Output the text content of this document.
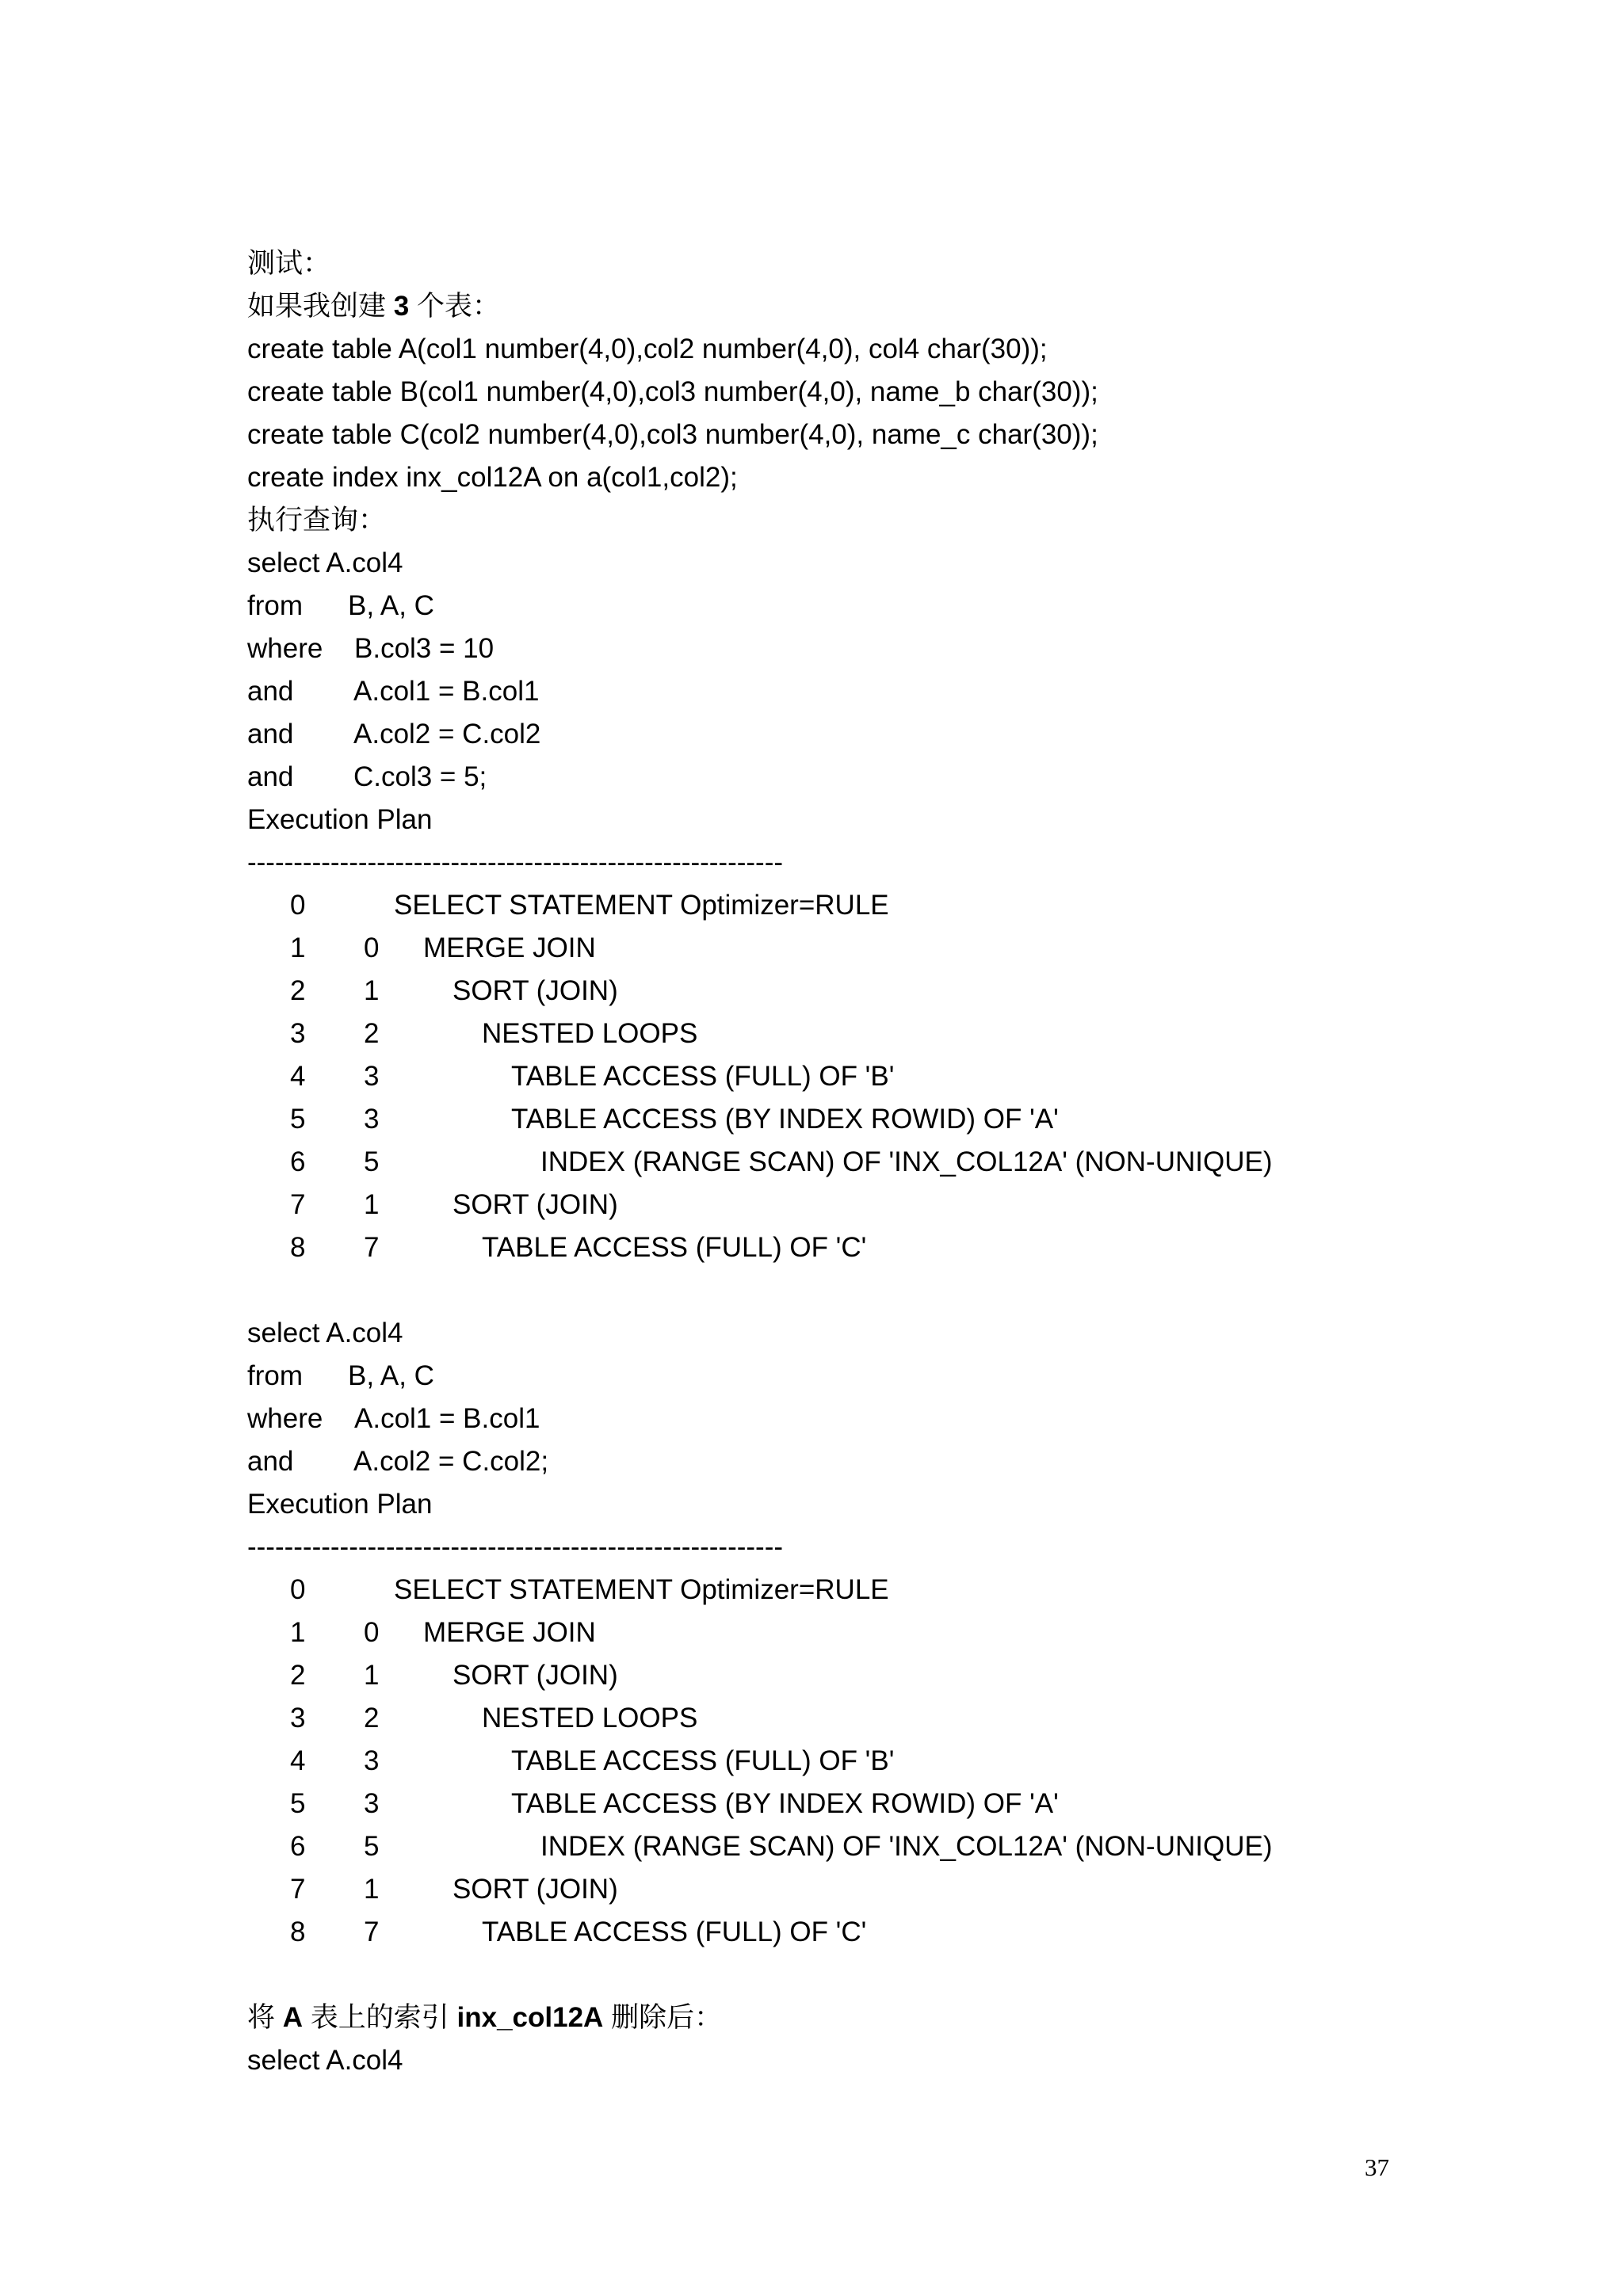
测试：
如果我创建 3 个表：
create table A(col1 number(4,0),col2 number(4,0), col4 char(30));
create table B(col1 number(4,0),col3 number(4,0), name_b char(30));
create table C(col2 number(4,0),col3 number(4,0), name_c char(30));
create index inx_col12A on a(col1,col2);
执行查询：
select A.col4
from B, A, C
where B.col3 = 10
and A.col1 = B.col1
and A.col2 = C.col2
and C.col3 = 5;
Execution Plan
----------------------------------------------------------
0	SELECT STATEMENT Optimizer=RULE
1 0 MERGE JOIN
2 1	SORT (JOIN)
3 2	NESTED LOOPS
4 3	TABLE ACCESS (FULL) OF 'B'
5 3	TABLE ACCESS (BY INDEX ROWID) OF 'A'
6 5	INDEX (RANGE SCAN) OF 'INX_COL12A' (NON-UNIQUE)
7 1	SORT (JOIN)
8 7	TABLE ACCESS (FULL) OF 'C'
select A.col4
from B, A, C
where A.col1 = B.col1
and A.col2 = C.col2;
Execution Plan
----------------------------------------------------------
0	SELECT STATEMENT Optimizer=RULE
1 0 MERGE JOIN
2 1	SORT (JOIN)
3 2	NESTED LOOPS
4 3	TABLE ACCESS (FULL) OF 'B'
5 3	TABLE ACCESS (BY INDEX ROWID) OF 'A'
6 5	INDEX (RANGE SCAN) OF 'INX_COL12A' (NON-UNIQUE)
7 1	SORT (JOIN)
8 7	TABLE ACCESS (FULL) OF 'C'
将 A 表上的索引 inx_col12A 删除后：
select A.col4
37
